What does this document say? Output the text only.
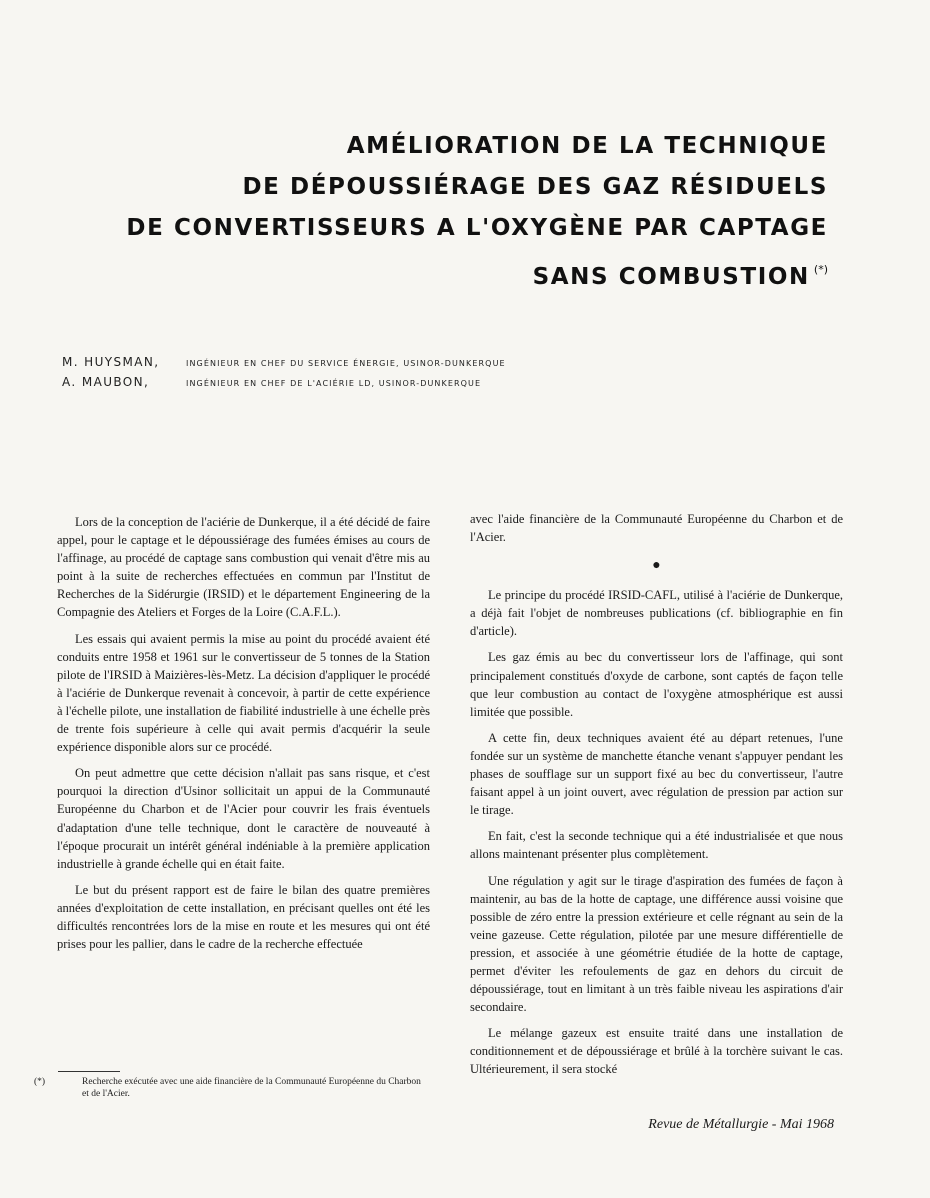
AMÉLIORATION DE LA TECHNIQUE
DE DÉPOUSSIÉRAGE DES GAZ RÉSIDUELS
DE CONVERTISSEURS A L'OXYGÈNE PAR CAPTAGE
SANS COMBUSTION (*)
M. HUYSMAN,	INGÉNIEUR EN CHEF DU SERVICE ÉNERGIE, USINOR-DUNKERQUE
A. MAUBON,	INGÉNIEUR EN CHEF DE L'ACIÉRIE LD, USINOR-DUNKERQUE

Lors de la conception de l'aciérie de Dunkerque, il a été décidé de faire appel, pour le captage et le dépoussiérage des fumées émises au cours de l'affinage, au procédé de captage sans combustion qui venait d'être mis au point à la suite de recherches effectuées en commun par l'Institut de Recherches de la Sidérurgie (IRSID) et le département Engineering de la Compagnie des Ateliers et Forges de la Loire (C.A.F.L.).

Les essais qui avaient permis la mise au point du procédé avaient été conduits entre 1958 et 1961 sur le convertisseur de 5 tonnes de la Station pilote de l'IRSID à Maizières-lès-Metz. La décision d'appliquer le procédé à l'aciérie de Dunkerque revenait à concevoir, à partir de cette expérience à l'échelle pilote, une installation de fiabilité industrielle à une échelle près de trente fois supérieure à celle qui avait permis d'acquérir la seule expérience disponible alors sur ce procédé.

On peut admettre que cette décision n'allait pas sans risque, et c'est pourquoi la direction d'Usinor sollicitait un appui de la Communauté Européenne du Charbon et de l'Acier pour couvrir les frais éventuels d'adaptation d'une telle technique, dont le caractère de nouveauté à l'époque procurait un intérêt général indéniable à la première application industrielle à grande échelle qui en était faite.

Le but du présent rapport est de faire le bilan des quatre premières années d'exploitation de cette installation, en précisant quelles ont été les difficultés rencontrées lors de la mise en route et les mesures qui ont été prises pour les pallier, dans le cadre de la recherche effectuée

avec l'aide financière de la Communauté Européenne du Charbon et de l'Acier.

●

Le principe du procédé IRSID-CAFL, utilisé à l'aciérie de Dunkerque, a déjà fait l'objet de nombreuses publications (cf. bibliographie en fin d'article).

Les gaz émis au bec du convertisseur lors de l'affinage, qui sont principalement constitués d'oxyde de carbone, sont captés de façon telle que leur combustion au contact de l'oxygène atmosphérique est aussi limitée que possible.

A cette fin, deux techniques avaient été au départ retenues, l'une fondée sur un système de manchette étanche venant s'appuyer pendant les phases de soufflage sur un support fixé au bec du convertisseur, l'autre faisant appel à un joint ouvert, avec régulation de pression par action sur le tirage.

En fait, c'est la seconde technique qui a été industrialisée et que nous allons maintenant présenter plus complètement.

Une régulation y agit sur le tirage d'aspiration des fumées de façon à maintenir, au bas de la hotte de captage, une différence aussi voisine que possible de zéro entre la pression extérieure et celle régnant au sein de la veine gazeuse. Cette régulation, pilotée par une mesure différentielle de pression, et associée à une géométrie étudiée de la hotte de captage, permet d'éviter les refoulements de gaz en dehors du circuit de dépoussiérage, tout en limitant à un très faible niveau les aspirations d'air secondaire.

Le mélange gazeux est ensuite traité dans une installation de conditionnement et de dépoussiérage et brûlé à la torchère suivant le cas. Ultérieurement, il sera stocké

(*)	Recherche exécutée avec une aide financière de la Communauté Européenne du Charbon et de l'Acier.
Revue de Métallurgie - Mai 1968
